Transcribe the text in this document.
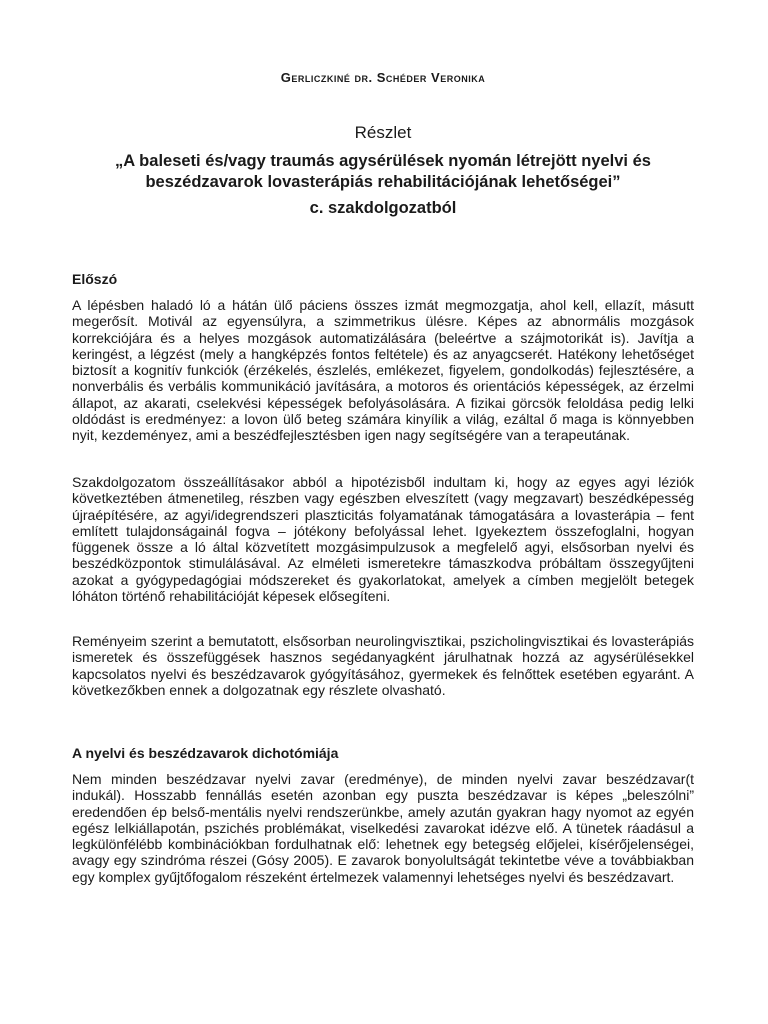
Gerliczkiné dr. Schéder Veronika
Részlet
„A baleseti és/vagy traumás agysérülések nyomán létrejött nyelvi és beszédzavarok lovasterápiás rehabilitációjának lehetőségei”
c. szakdolgozatból
Előszó
A lépésben haladó ló a hátán ülő páciens összes izmát megmozgatja, ahol kell, ellazít, másutt megerősít. Motivál az egyensúlyra, a szimmetrikus ülésre. Képes az abnormális mozgások korrekciójára és a helyes mozgások automatizálására (beleértve a szájmotorikát is). Javítja a keringést, a légzést (mely a hangképzés fontos feltétele) és az anyagcserét. Hatékony lehetőséget biztosít a kognitív funkciók (érzékelés, észlelés, emlékezet, figyelem, gondolkodás) fejlesztésére, a nonverbális és verbális kommunikáció javítására, a motoros és orientációs képességek, az érzelmi állapot, az akarati, cselekvési képességek befolyásolására. A fizikai görcsök feloldása pedig lelki oldódást is eredményez: a lovon ülő beteg számára kinyílik a világ, ezáltal ő maga is könnyebben nyit, kezdeményez, ami a beszédfejlesztésben igen nagy segítségére van a terapeutának.
Szakdolgozatom összeállításakor abból a hipotézisből indultam ki, hogy az egyes agyi léziók következtében átmenetileg, részben vagy egészben elveszített (vagy megzavart) beszédképesség újraépítésére, az agyi/idegrendszeri plaszticitás folyamatának támogatására a lovasterápia – fent említett tulajdonságainál fogva – jótékony befolyással lehet. Igyekeztem összefoglalni, hogyan függenek össze a ló által közvetített mozgásimpulzusok a megfelelő agyi, elsősorban nyelvi és beszédközpontok stimulálásával. Az elméleti ismeretekre támaszkodva próbáltam összegyűjteni azokat a gyógypedagógiai módszereket és gyakorlatokat, amelyek a címben megjelölt betegek lóháton történő rehabilitációját képesek elősegíteni.
Reményeim szerint a bemutatott, elsősorban neurolingvisztikai, pszicholingvisztikai és lovasterápiás ismeretek és összefüggések hasznos segédanyagként járulhatnak hozzá az agysérülésekkel kapcsolatos nyelvi és beszédzavarok gyógyításához, gyermekek és felnőttek esetében egyaránt. A következőkben ennek a dolgozatnak egy részlete olvasható.
A nyelvi és beszédzavarok dichotómiája
Nem minden beszédzavar nyelvi zavar (eredménye), de minden nyelvi zavar beszédzavar(t indukál). Hosszabb fennállás esetén azonban egy puszta beszédzavar is képes „beleszólni” eredendően ép belső-mentális nyelvi rendszerünkbe, amely azután gyakran hagy nyomot az egyén egész lelkiállapotán, pszichés problémákat, viselkedési zavarokat idézve elő. A tünetek ráadásul a legkülönfélébb kombinációkban fordulhatnak elő: lehetnek egy betegség előjelei, kísérőjelenségei, avagy egy szindróma részei (Gósy 2005). E zavarok bonyolultságát tekintetbe véve a továbbiakban egy komplex gyűjtőfogalom részeként értelmezek valamennyi lehetséges nyelvi és beszédzavart.
